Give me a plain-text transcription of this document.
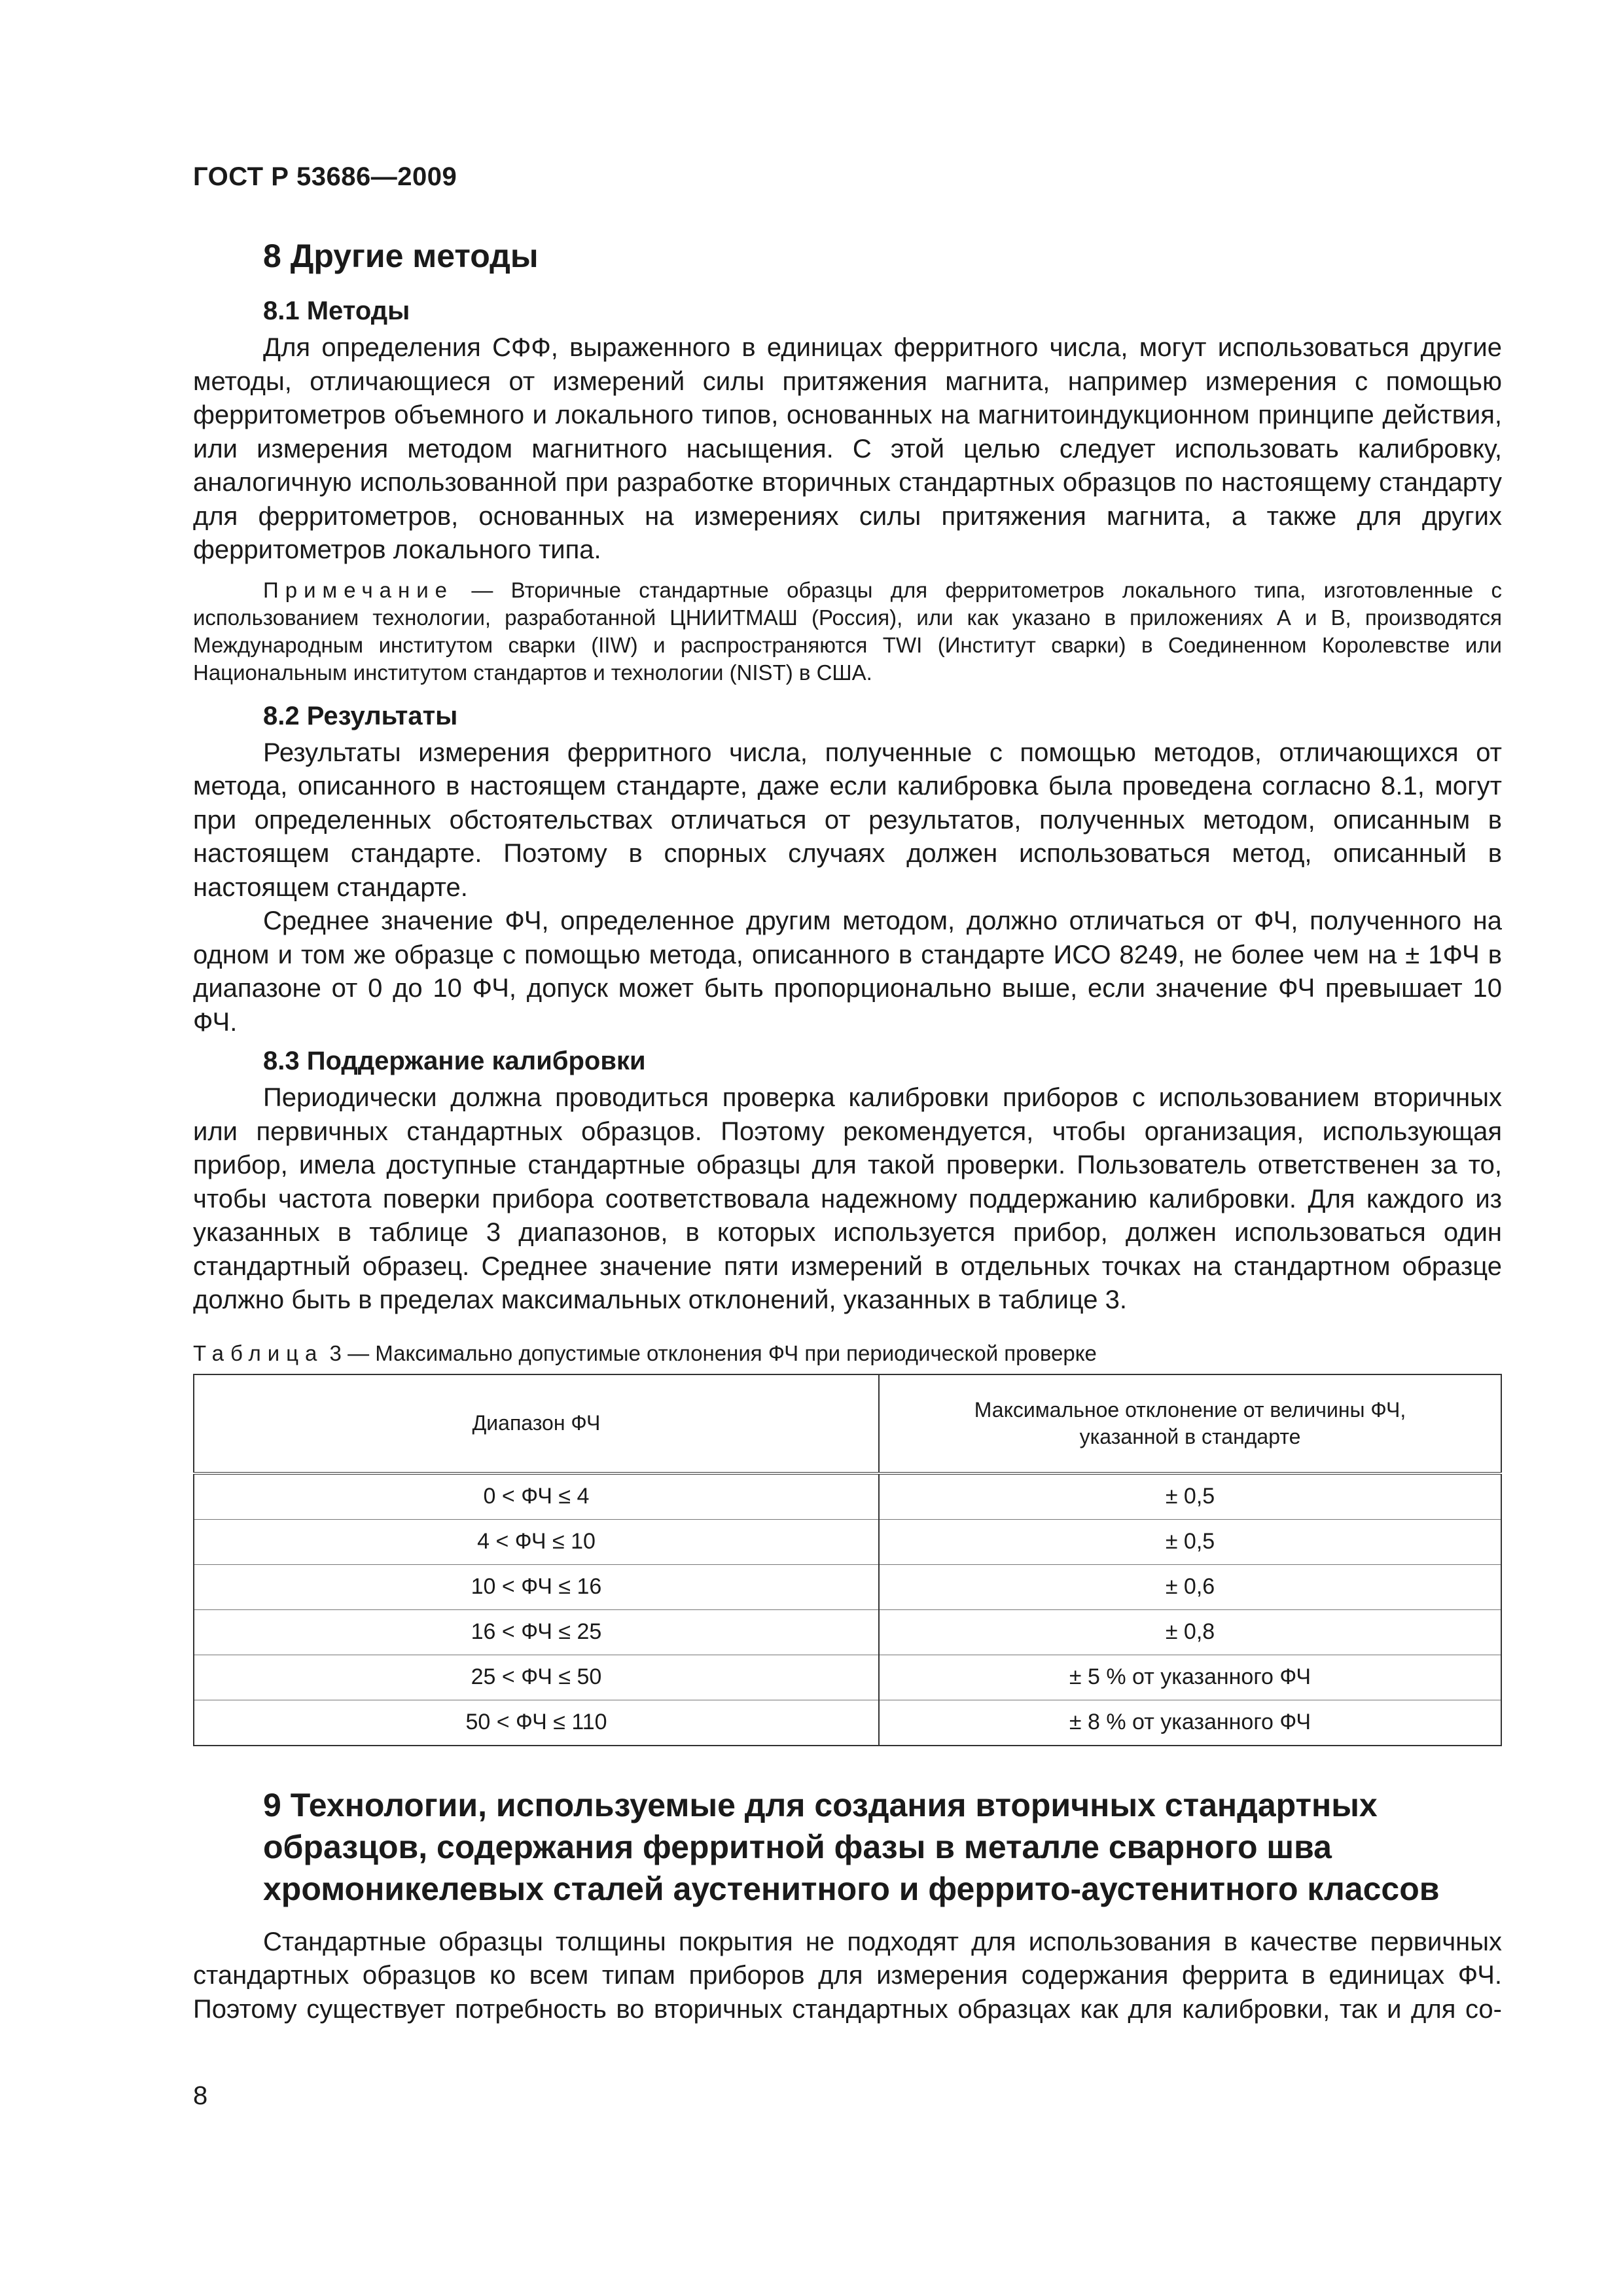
ГОСТ Р 53686—2009
8 Другие методы
8.1 Методы

Для определения СФФ, выраженного в единицах ферритного числа, могут использоваться другие методы, отличающиеся от измерений силы притяжения магнита, например измерения с помощью ферритометров объемного и локального типов, основанных на магнитоиндукционном принципе действия, или измерения методом магнитного насыщения. С этой целью следует использовать калибровку, аналогичную использованной при разработке вторичных стандартных образцов по настоящему стандарту для ферритометров, основанных на измерениях силы притяжения магнита, а также для других ферритометров локального типа.

Примечание — Вторичные стандартные образцы для ферритометров локального типа, изготовленные с использованием технологии, разработанной ЦНИИТМАШ (Россия), или как указано в приложениях А и В, производятся Международным институтом сварки (IIW) и распространяются TWI (Институт сварки) в Соединенном Королевстве или Национальным институтом стандартов и технологии (NIST) в США.

8.2 Результаты

Результаты измерения ферритного числа, полученные с помощью методов, отличающихся от метода, описанного в настоящем стандарте, даже если калибровка была проведена согласно 8.1, могут при определенных обстоятельствах отличаться от результатов, полученных методом, описанным в настоящем стандарте. Поэтому в спорных случаях должен использоваться метод, описанный в настоящем стандарте.

Среднее значение ФЧ, определенное другим методом, должно отличаться от ФЧ, полученного на одном и том же образце с помощью метода, описанного в стандарте ИСО 8249, не более чем на ± 1ФЧ в диапазоне от 0 до 10 ФЧ, допуск может быть пропорционально выше, если значение ФЧ превышает 10 ФЧ.

8.3 Поддержание калибровки

Периодически должна проводиться проверка калибровки приборов с использованием вторичных или первичных стандартных образцов. Поэтому рекомендуется, чтобы организация, использующая прибор, имела доступные стандартные образцы для такой проверки. Пользователь ответственен за то, чтобы частота поверки прибора соответствовала надежному поддержанию калибровки. Для каждого из указанных в таблице 3 диапазонов, в которых используется прибор, должен использоваться один стандартный образец. Среднее значение пяти измерений в отдельных точках на стандартном образце должно быть в пределах максимальных отклонений, указанных в таблице 3.

Таблица 3 — Максимально допустимые отклонения ФЧ при периодической проверке
Диапазон ФЧ	Максимальное отклонение от величины ФЧ,
указанной в стандарте
0 < ФЧ ≤ 4	± 0,5
4 < ФЧ ≤ 10	± 0,5
10 < ФЧ ≤ 16	± 0,6
16 < ФЧ ≤ 25	± 0,8
25 < ФЧ ≤ 50	± 5 % от указанного ФЧ
50 < ФЧ ≤ 110	± 8 % от указанного ФЧ
9 Технологии, используемые для создания вторичных стандартных
образцов, содержания ферритной фазы в металле сварного шва
хромоникелевых сталей аустенитного и феррито-аустенитного классов

Стандартные образцы толщины покрытия не подходят для использования в качестве первичных стандартных образцов ко всем типам приборов для измерения содержания феррита в единицах ФЧ. Поэтому существует потребность во вторичных стандартных образцах как для калибровки, так и для со-

8
